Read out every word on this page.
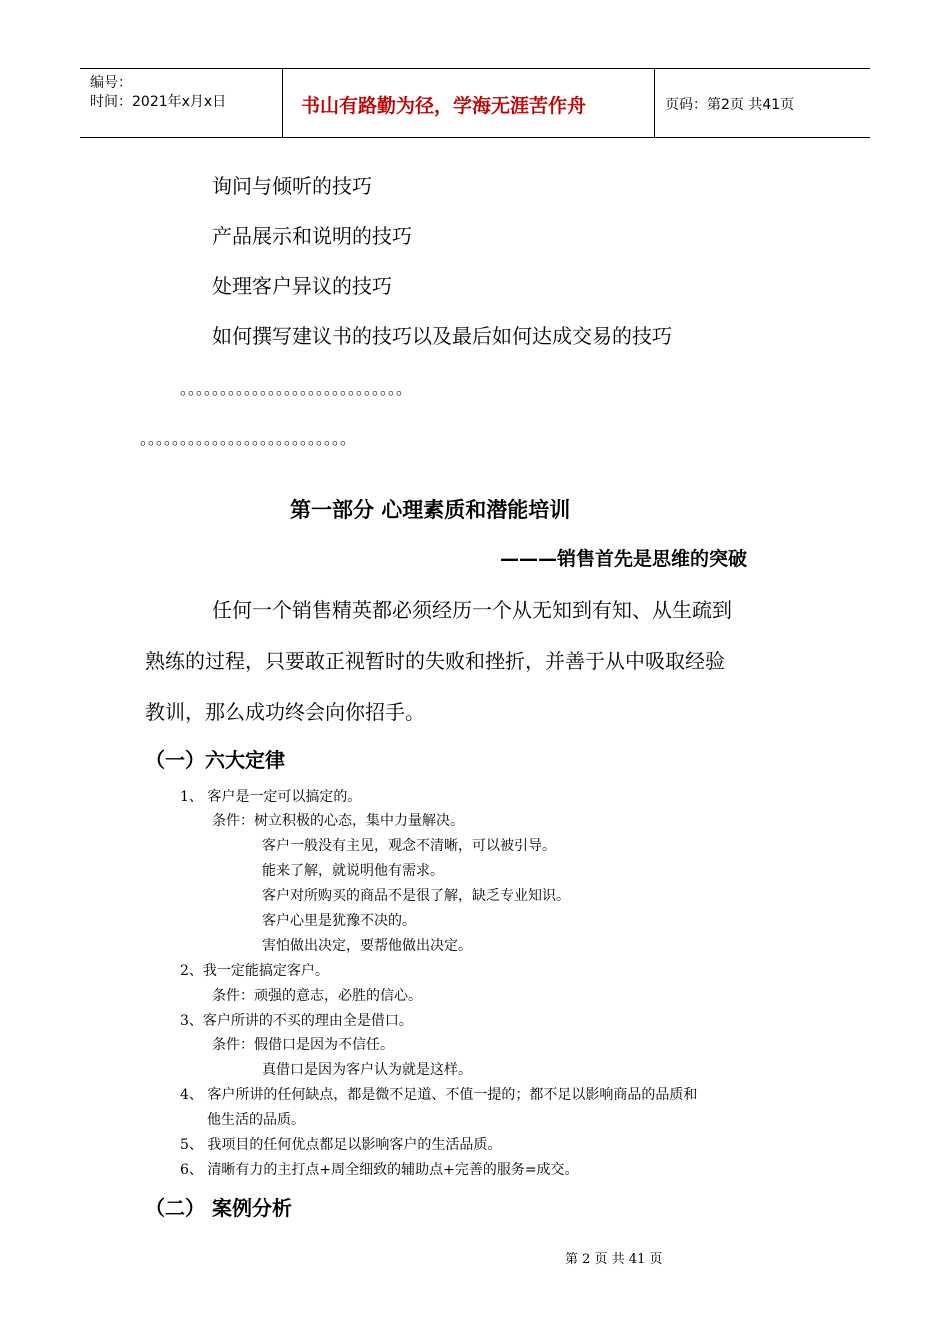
编号：
时间：2021年x月x日	书山有路勤为径，学海无涯苦作舟	页码：第2页 共41页
询问与倾听的技巧
产品展示和说明的技巧
处理客户异议的技巧
如何撰写建议书的技巧以及最后如何达成交易的技巧
。。。。。。。。。。。。。。。。。。。。。。。。。。。。
。。。。。。。。。。。。。。。。。。。。。。。。。。
第一部分 心理素质和潜能培训
———销售首先是思维的突破
任何一个销售精英都必须经历一个从无知到有知、从生疏到
熟练的过程，只要敢正视暂时的失败和挫折，并善于从中吸取经验
教训，那么成功终会向你招手。
（一）六大定律
1、 客户是一定可以搞定的。
条件：树立积极的心态，集中力量解决。
客户一般没有主见，观念不清晰，可以被引导。
能来了解，就说明他有需求。
客户对所购买的商品不是很了解，缺乏专业知识。
客户心里是犹豫不决的。
害怕做出决定，要帮他做出决定。
2、我一定能搞定客户。
条件：顽强的意志，必胜的信心。
3、客户所讲的不买的理由全是借口。
条件：假借口是因为不信任。
真借口是因为客户认为就是这样。
4、 客户所讲的任何缺点，都是微不足道、不值一提的；都不足以影响商品的品质和
他生活的品质。
5、 我项目的任何优点都足以影响客户的生活品质。
6、 清晰有力的主打点+周全细致的辅助点+完善的服务=成交。
（二） 案例分析
第 2 页 共 41 页
